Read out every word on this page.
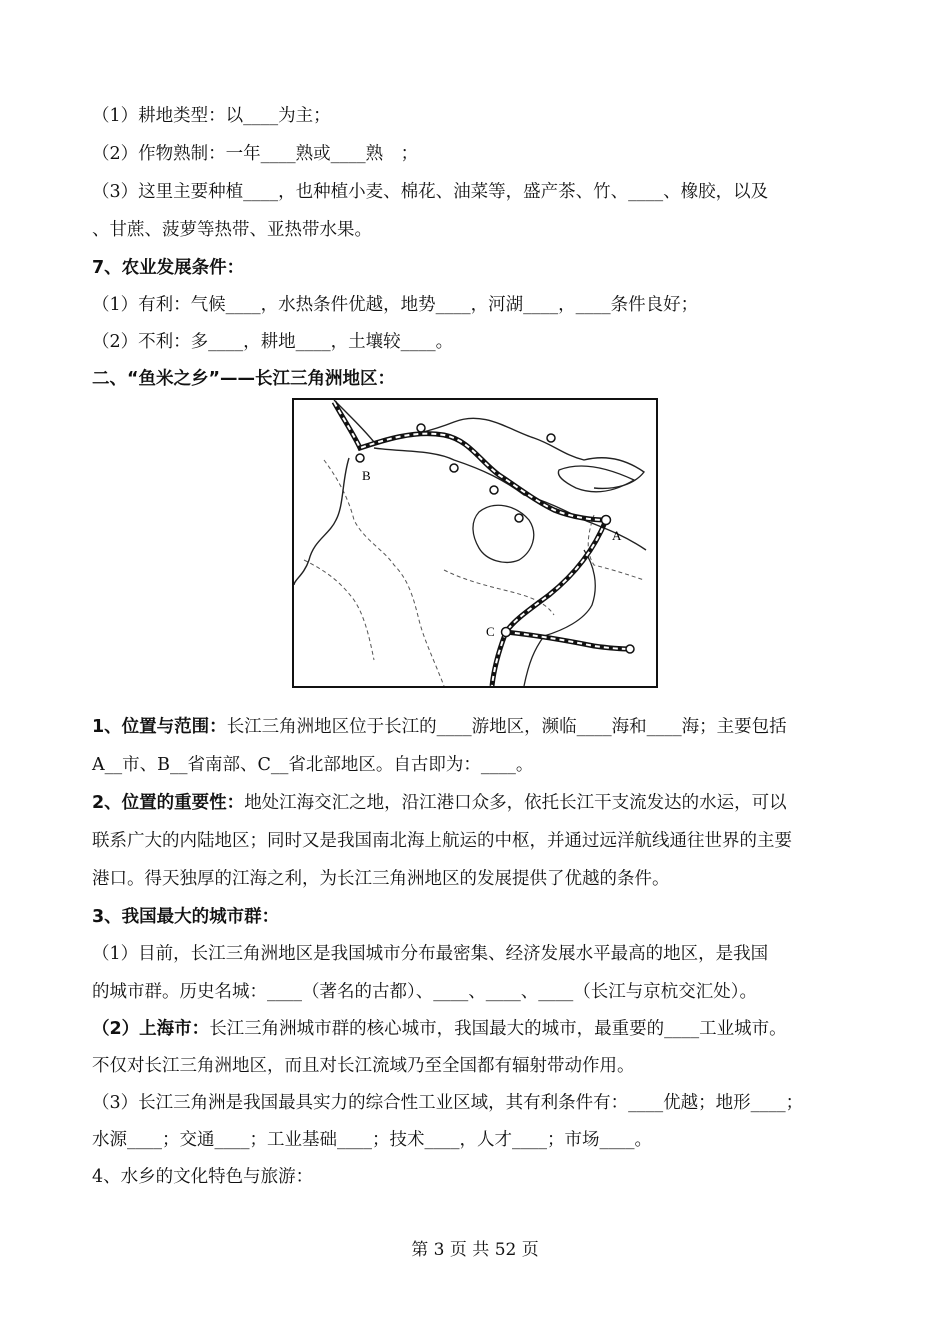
（1）耕地类型：以____为主；
（2）作物熟制：一年____熟或____熟　；
（3）这里主要种植____，也种植小麦、棉花、油菜等，盛产茶、竹、____、橡胶，以及
、甘蔗、菠萝等热带、亚热带水果。
7、农业发展条件：
（1）有利：气候____，水热条件优越，地势____，河湖____，____条件良好；
（2）不利：多____，耕地____，土壤较____。
二、“鱼米之乡”——长江三角洲地区：
B
A
C
1、位置与范围：长江三角洲地区位于长江的____游地区，濒临____海和____海；主要包括
A__市、B__省南部、C__省北部地区。自古即为：____。
2、位置的重要性：地处江海交汇之地，沿江港口众多，依托长江干支流发达的水运，可以
联系广大的内陆地区；同时又是我国南北海上航运的中枢，并通过远洋航线通往世界的主要
港口。得天独厚的江海之利，为长江三角洲地区的发展提供了优越的条件。
3、我国最大的城市群：
（1）目前，长江三角洲地区是我国城市分布最密集、经济发展水平最高的地区，是我国
的城市群。历史名城：____（著名的古都）、____、____、____（长江与京杭交汇处）。
（2）上海市：长江三角洲城市群的核心城市，我国最大的城市，最重要的____工业城市。
不仅对长江三角洲地区，而且对长江流域乃至全国都有辐射带动作用。
（3）长江三角洲是我国最具实力的综合性工业区域，其有利条件有：____优越；地形____；
水源____；交通____；工业基础____；技术____，人才____；市场____。
4、水乡的文化特色与旅游：
第 3 页 共 52 页
